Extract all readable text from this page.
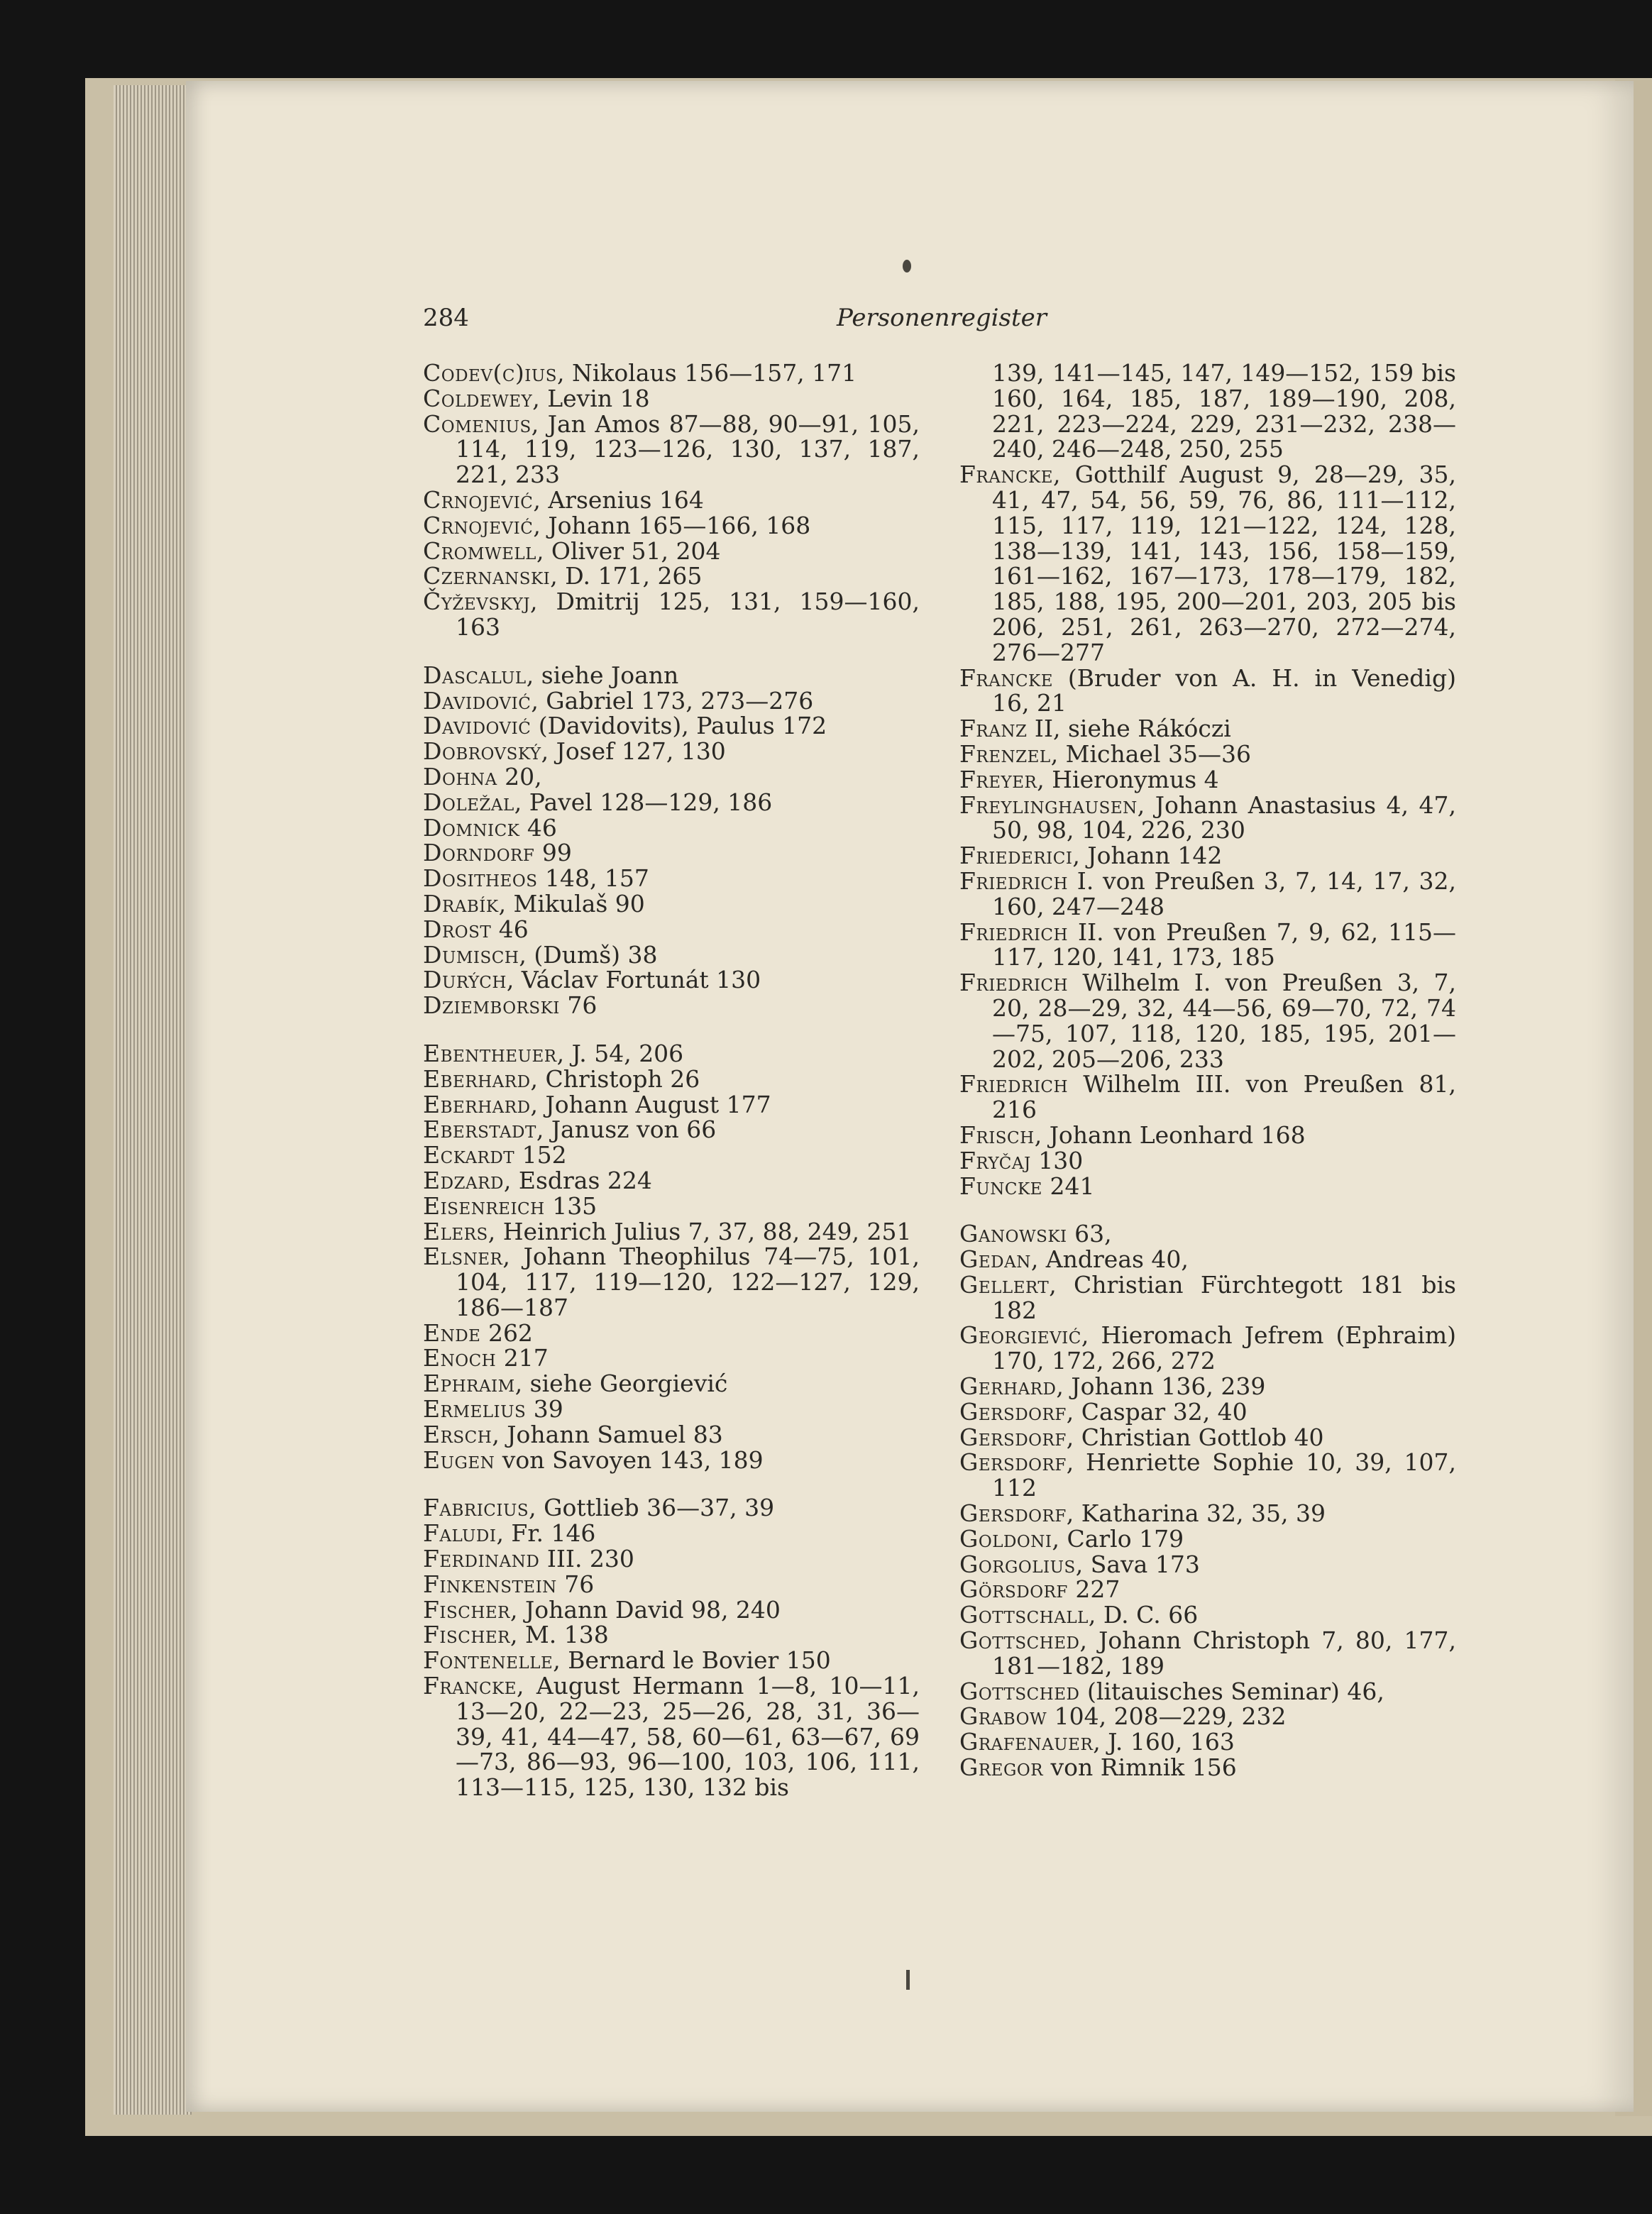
284	Personenregister

Codev(c)ius, Nikolaus 156—157, 171

Coldewey, Levin 18

Comenius, Jan Amos 87—88, 90—91, 105, 114, 119, 123—126, 130, 137, 187, 221, 233

Crnojević, Arsenius 164

Crnojević, Johann 165—166, 168

Cromwell, Oliver 51, 204

Czernanski, D. 171, 265

Čyževskyj, Dmitrij 125, 131, 159—160, 163

Dascalul, siehe Joann

Davidović, Gabriel 173, 273—276

Davidović (Davidovits), Paulus 172

Dobrovský, Josef 127, 130

Dohna 20,

Doležal, Pavel 128—129, 186

Domnick 46

Dorndorf 99

Dositheos 148, 157

Drabík, Mikulaš 90

Drost 46

Dumisch, (Dumš) 38

Durých, Václav Fortunát 130

Dziemborski 76

Ebentheuer, J. 54, 206

Eberhard, Christoph 26

Eberhard, Johann August 177

Eberstadt, Janusz von 66

Eckardt 152

Edzard, Esdras 224

Eisenreich 135

Elers, Heinrich Julius 7, 37, 88, 249, 251

Elsner, Johann Theophilus 74—75, 101, 104, 117, 119—120, 122—127, 129, 186—187

Ende 262

Enoch 217

Ephraim, siehe Georgiević

Ermelius 39

Ersch, Johann Samuel 83

Eugen von Savoyen 143, 189

Fabricius, Gottlieb 36—37, 39

Faludi, Fr. 146

Ferdinand III. 230

Finkenstein 76

Fischer, Johann David 98, 240

Fischer, M. 138

Fontenelle, Bernard le Bovier 150

Francke, August Hermann 1—8, 10—11, 13—20, 22—23, 25—26, 28, 31, 36—39, 41, 44—47, 58, 60—61, 63—67, 69—73, 86—93, 96—100, 103, 106, 111, 113—115, 125, 130, 132 bis

139, 141—145, 147, 149—152, 159 bis 160, 164, 185, 187, 189—190, 208, 221, 223—224, 229, 231—232, 238—240, 246—248, 250, 255

Francke, Gotthilf August 9, 28—29, 35, 41, 47, 54, 56, 59, 76, 86, 111—112, 115, 117, 119, 121—122, 124, 128, 138—139, 141, 143, 156, 158—159, 161—162, 167—173, 178—179, 182, 185, 188, 195, 200—201, 203, 205 bis 206, 251, 261, 263—270, 272—274, 276—277

Francke (Bruder von A. H. in Venedig) 16, 21

Franz II, siehe Rákóczi

Frenzel, Michael 35—36

Freyer, Hieronymus 4

Freylinghausen, Johann Anastasius 4, 47, 50, 98, 104, 226, 230

Friederici, Johann 142

Friedrich I. von Preußen 3, 7, 14, 17, 32, 160, 247—248

Friedrich II. von Preußen 7, 9, 62, 115—117, 120, 141, 173, 185

Friedrich Wilhelm I. von Preußen 3, 7, 20, 28—29, 32, 44—56, 69—70, 72, 74—75, 107, 118, 120, 185, 195, 201—202, 205—206, 233

Friedrich Wilhelm III. von Preußen 81, 216

Frisch, Johann Leonhard 168

Fryčaj 130

Funcke 241

Ganowski 63,

Gedan, Andreas 40,

Gellert, Christian Fürchtegott 181 bis 182

Georgiević, Hieromach Jefrem (Ephraim) 170, 172, 266, 272

Gerhard, Johann 136, 239

Gersdorf, Caspar 32, 40

Gersdorf, Christian Gottlob 40

Gersdorf, Henriette Sophie 10, 39, 107, 112

Gersdorf, Katharina 32, 35, 39

Goldoni, Carlo 179

Gorgolius, Sava 173

Görsdorf 227

Gottschall, D. C. 66

Gottsched, Johann Christoph 7, 80, 177, 181—182, 189

Gottsched (litauisches Seminar) 46,

Grabow 104, 208—229, 232

Grafenauer, J. 160, 163

Gregor von Rimnik 156
